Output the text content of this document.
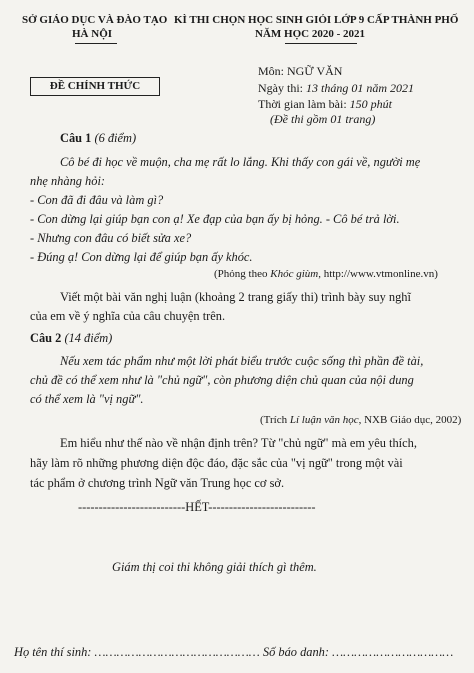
SỞ GIÁO DỤC VÀ ĐÀO TẠO
HÀ NỘI
KÌ THI CHỌN HỌC SINH GIỎI LỚP 9 CẤP THÀNH PHỐ
NĂM HỌC 2020 - 2021
ĐỀ CHÍNH THỨC
Môn: NGỮ VĂN
Ngày thi: 13 tháng 01 năm 2021
Thời gian làm bài: 150 phút
(Đề thi gồm 01 trang)
Câu 1 (6 điểm)
Cô bé đi học về muộn, cha mẹ rất lo lắng. Khi thấy con gái về, người mẹ
nhẹ nhàng hỏi:
- Con đã đi đâu và làm gì?
- Con dừng lại giúp bạn con ạ! Xe đạp của bạn ấy bị hỏng. - Cô bé trả lời.
- Nhưng con đâu có biết sửa xe?
- Đúng ạ! Con dừng lại để giúp bạn ấy khóc.
(Phỏng theo Khóc giùm, http://www.vtmonline.vn)
Viết một bài văn nghị luận (khoảng 2 trang giấy thi) trình bày suy nghĩ
của em về ý nghĩa của câu chuyện trên.
Câu 2 (14 điểm)
Nếu xem tác phẩm như một lời phát biểu trước cuộc sống thì phần đề tài,
chủ đề có thể xem như là "chủ ngữ", còn phương diện chủ quan của nội dung
có thể xem là "vị ngữ".
(Trích Lí luận văn học, NXB Giáo dục, 2002)
Em hiểu như thế nào về nhận định trên? Từ "chủ ngữ" mà em yêu thích,
hãy làm rõ những phương diện độc đáo, đặc sắc của "vị ngữ" trong một vài
tác phẩm ở chương trình Ngữ văn Trung học cơ sở.
--------------------------HẾT--------------------------
Giám thị coi thi không giải thích gì thêm.
Họ tên thí sinh: ……………………………………… Số báo danh: ……………………………
